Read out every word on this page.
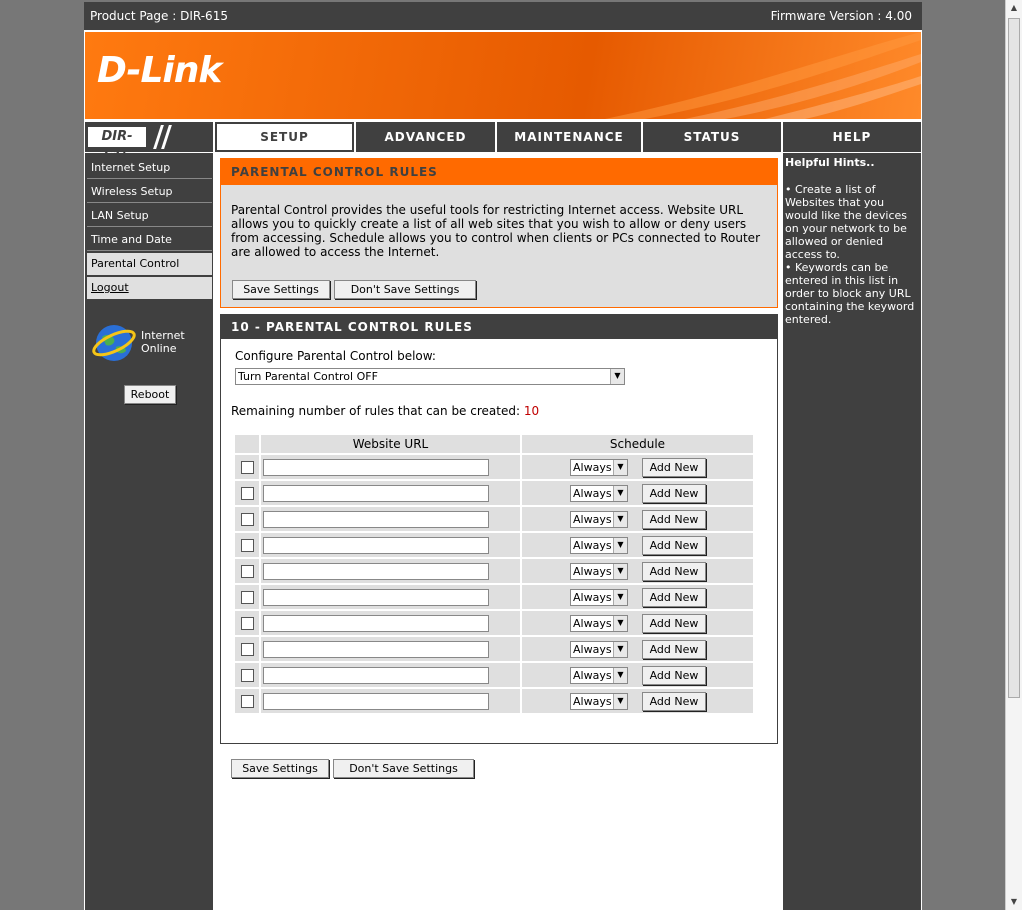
Product Page : DIR-615	Firmware Version : 4.00
D-Link
DIR-	SETUP	ADVANCED	MAINTENANCE	STATUS	HELP
Internet Setup
Wireless Setup
LAN Setup
Time and Date
Parental Control
Logout
Internet
Online
Reboot
PARENTAL CONTROL RULES
Parental Control provides the useful tools for restricting Internet access. Website URL allows you to quickly create a list of all web sites that you wish to allow or deny users from accessing. Schedule allows you to control when clients or PCs connected to Router are allowed to access the Internet.
Save Settings	Don't Save Settings
10 - PARENTAL CONTROL RULES
Configure Parental Control below:
Turn Parental Control OFF	▼
Remaining number of rules that can be created: 10
	Website URL	Schedule

		Always ▼ Add New

		Always ▼ Add New

		Always ▼ Add New

		Always ▼ Add New

		Always ▼ Add New

		Always ▼ Add New

		Always ▼ Add New

		Always ▼ Add New

		Always ▼ Add New

		Always ▼ Add New
Save Settings	Don't Save Settings
Helpful Hints..
• Create a list of Websites that you would like the devices on your network to be allowed or denied access to.
• Keywords can be entered in this list in order to block any URL containing the keyword entered.
▲
▼
